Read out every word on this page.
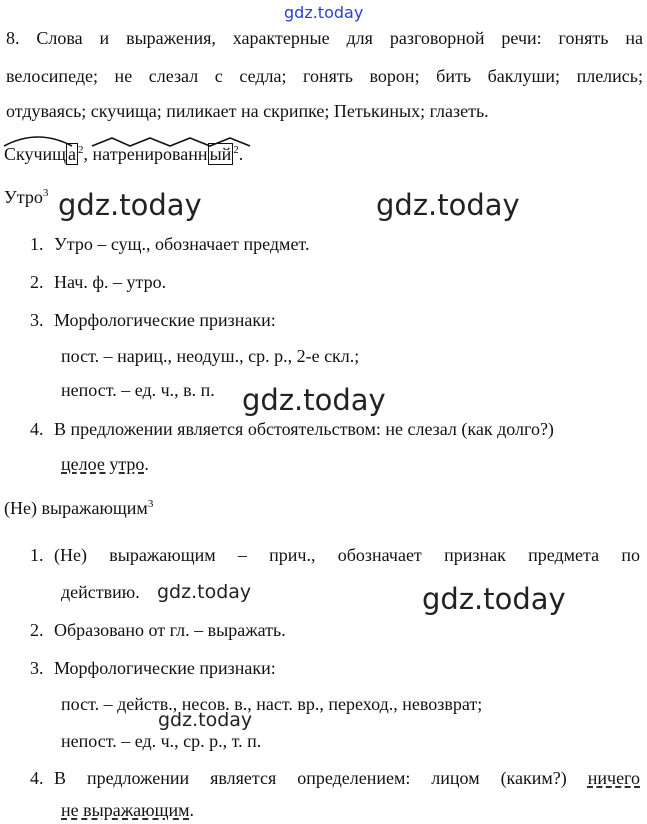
gdz.today
8. Слова и выражения, характерные для разговорной речи: гонять на
велосипеде; не слезал с седла; гонять ворон; бить баклуши; плелись;
отдуваясь; скучища; пиликает на скрипке; Петькиных; глазеть.
Скучищ а $^2$, натренированн ый $^2$.
Утро$^3$ gdz.today	gdz.today
1. Утро – сущ., обозначает предмет.
2. Нач. ф. – утро.
3. Морфологические признаки:
пост. – нариц., неодуш., ср. р., 2-е скл.;
непост. – ед. ч., в. п. gdz.today
4. В предложении является обстоятельством: не слезал (как долго?)
целое утро.
(Не) выражающим$^3$
1. (Не) выражающим – прич., обозначает признак предмета по
действию. gdz.today	gdz.today
2. Образовано от гл. – выражать.
3. Морфологические признаки:
пост. – действ., несов. в., наст. вр., переход., невозврат;
gdz.today
непост. – ед. ч., ср. р., т. п.
4. В предложении является определением: лицом (каким?) ничего
не выражающим.
